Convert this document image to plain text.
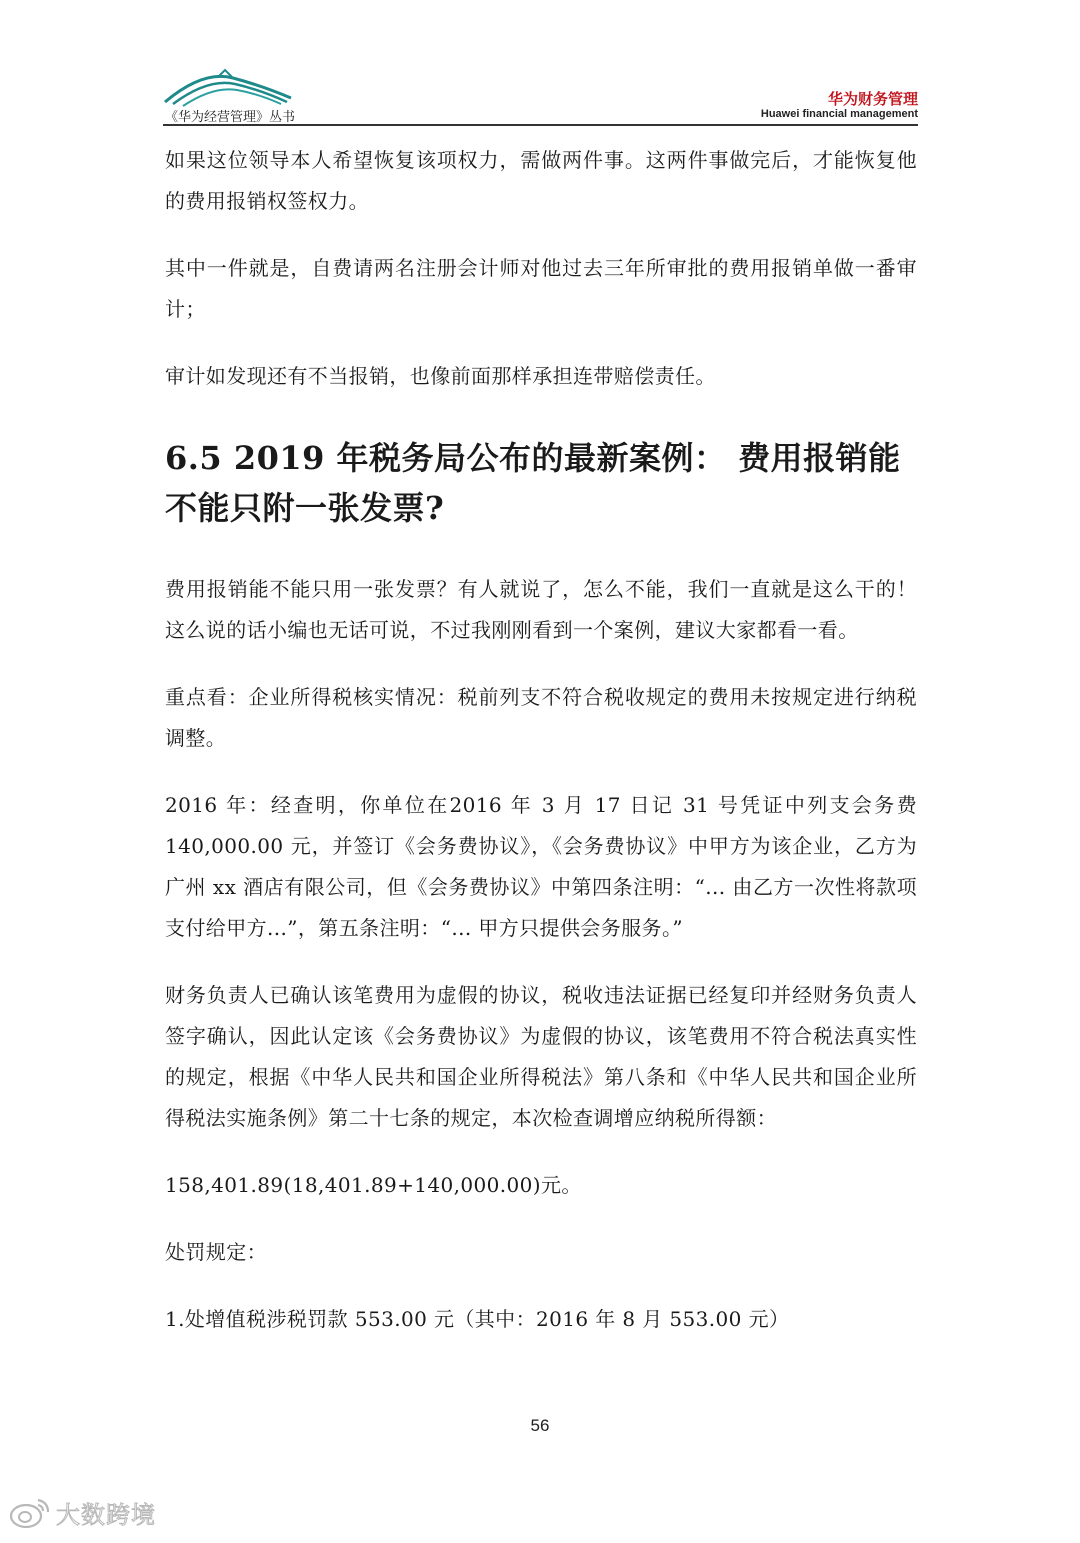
《华为经营管理》丛书
华为财务管理
Huawei financial management

如果这位领导本人希望恢复该项权力，需做两件事。这两件事做完后，才能恢复他的费用报销权签权力。

其中一件就是，自费请两名注册会计师对他过去三年所审批的费用报销单做一番审计；

审计如发现还有不当报销，也像前面那样承担连带赔偿责任。

6.5 2019 年税务局公布的最新案例： 费用报销能不能只附一张发票?

费用报销能不能只用一张发票？有人就说了，怎么不能，我们一直就是这么干的！这么说的话小编也无话可说，不过我刚刚看到一个案例，建议大家都看一看。

重点看：企业所得税核实情况：税前列支不符合税收规定的费用未按规定进行纳税调整。

2016 年：经查明，你单位在2016 年 3 月 17 日记 31 号凭证中列支会务费 140,000.00 元，并签订《会务费协议》，《会务费协议》中甲方为该企业，乙方为广州 xx 酒店有限公司，但《会务费协议》中第四条注明：“... 由乙方一次性将款项支付给甲方...”，第五条注明：“... 甲方只提供会务服务。”

财务负责人已确认该笔费用为虚假的协议，税收违法证据已经复印并经财务负责人签字确认，因此认定该《会务费协议》为虚假的协议，该笔费用不符合税法真实性的规定，根据《中华人民共和国企业所得税法》第八条和《中华人民共和国企业所得税法实施条例》第二十七条的规定，本次检查调增应纳税所得额：

158,401.89(18,401.89+140,000.00)元。

处罚规定：

1.处增值税涉税罚款 553.00 元（其中：2016 年 8 月 553.00 元）

56
大数跨境
